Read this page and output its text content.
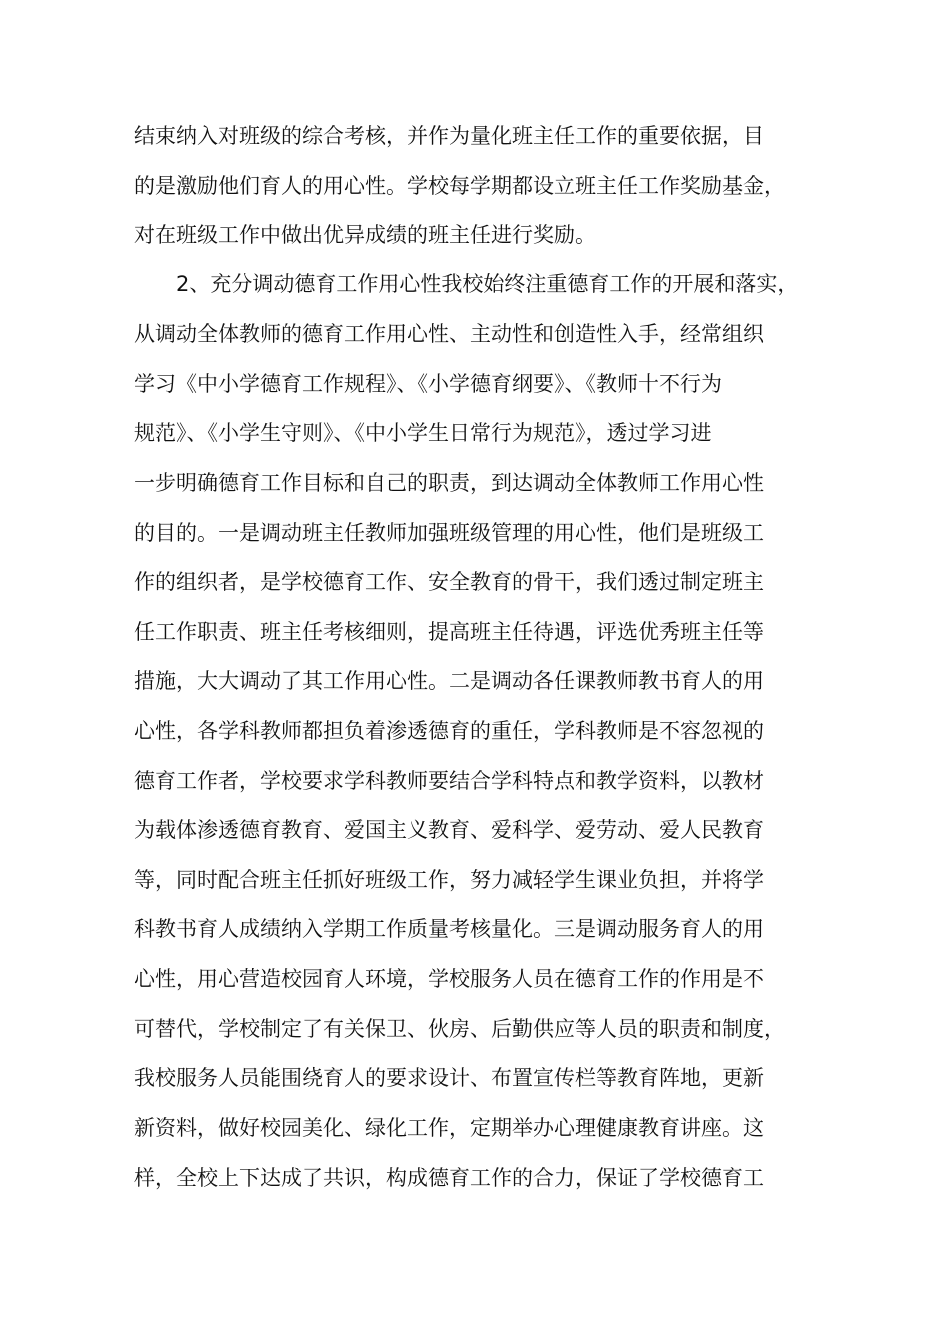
结束纳入对班级的综合考核，并作为量化班主任工作的重要依据，目

的是激励他们育人的用心性。学校每学期都设立班主任工作奖励基金，

对在班级工作中做出优异成绩的班主任进行奖励。

2、充分调动德育工作用心性我校始终注重德育工作的开展和落实，

从调动全体教师的德育工作用心性、主动性和创造性入手，经常组织

学习《中小学德育工作规程》、《小学德育纲要》、《教师十不行为

规范》、《小学生守则》、《中小学生日常行为规范》，透过学习进

一步明确德育工作目标和自己的职责，到达调动全体教师工作用心性

的目的。一是调动班主任教师加强班级管理的用心性，他们是班级工

作的组织者，是学校德育工作、安全教育的骨干，我们透过制定班主

任工作职责、班主任考核细则，提高班主任待遇，评选优秀班主任等

措施，大大调动了其工作用心性。二是调动各任课教师教书育人的用

心性，各学科教师都担负着渗透德育的重任，学科教师是不容忽视的

德育工作者，学校要求学科教师要结合学科特点和教学资料，以教材

为载体渗透德育教育、爱国主义教育、爱科学、爱劳动、爱人民教育

等，同时配合班主任抓好班级工作，努力减轻学生课业负担，并将学

科教书育人成绩纳入学期工作质量考核量化。三是调动服务育人的用

心性，用心营造校园育人环境，学校服务人员在德育工作的作用是不

可替代，学校制定了有关保卫、伙房、后勤供应等人员的职责和制度，

我校服务人员能围绕育人的要求设计、布置宣传栏等教育阵地，更新

新资料，做好校园美化、绿化工作，定期举办心理健康教育讲座。这

样，全校上下达成了共识，构成德育工作的合力，保证了学校德育工
